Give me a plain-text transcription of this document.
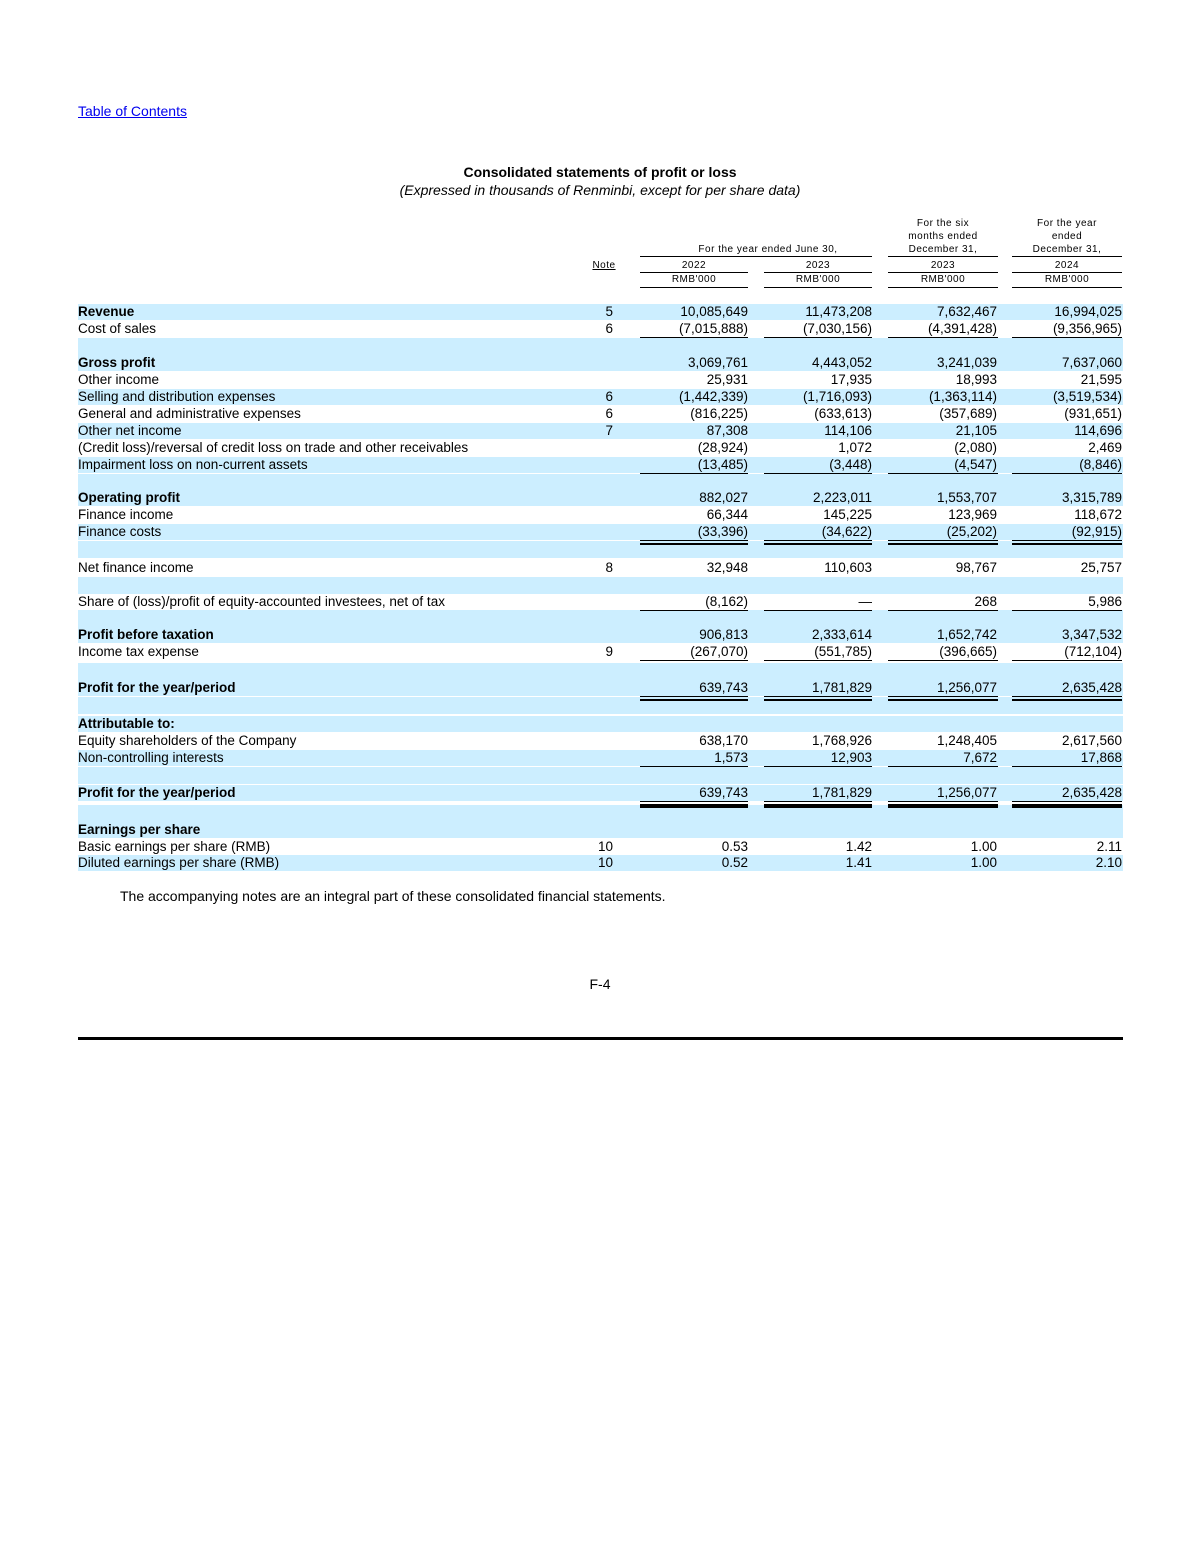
Table of Contents
Consolidated statements of profit or loss
(Expressed in thousands of Renminbi, except for per share data)
For the year ended June 30,
For the six
months ended
December 31,
For the year
ended
December 31,
Note	2022	2023	2023	2024
RMB'000	RMB'000	RMB'000	RMB'000
Revenue	5	10,085,649	11,473,208	7,632,467	16,994,025
Cost of sales	6	(7,015,888)	(7,030,156)	(4,391,428)	(9,356,965)
Gross profit	3,069,761	4,443,052	3,241,039	7,637,060
Other income	25,931	17,935	18,993	21,595
Selling and distribution expenses	6	(1,442,339)	(1,716,093)	(1,363,114)	(3,519,534)
General and administrative expenses	6	(816,225)	(633,613)	(357,689)	(931,651)
Other net income	7	87,308	114,106	21,105	114,696
(Credit loss)/reversal of credit loss on trade and other receivables	(28,924)	1,072	(2,080)	2,469
Impairment loss on non-current assets	(13,485)	(3,448)	(4,547)	(8,846)
Operating profit	882,027	2,223,011	1,553,707	3,315,789
Finance income	66,344	145,225	123,969	118,672
Finance costs	(33,396)	(34,622)	(25,202)	(92,915)
Net finance income	8	32,948	110,603	98,767	25,757
Share of (loss)/profit of equity-accounted investees, net of tax	(8,162)	—	268	5,986
Profit before taxation	906,813	2,333,614	1,652,742	3,347,532
Income tax expense	9	(267,070)	(551,785)	(396,665)	(712,104)
Profit for the year/period	639,743	1,781,829	1,256,077	2,635,428
Attributable to:
Equity shareholders of the Company	638,170	1,768,926	1,248,405	2,617,560
Non-controlling interests	1,573	12,903	7,672	17,868
Profit for the year/period	639,743	1,781,829	1,256,077	2,635,428
Earnings per share
Basic earnings per share (RMB)	10	0.53	1.42	1.00	2.11
Diluted earnings per share (RMB)	10	0.52	1.41	1.00	2.10
The accompanying notes are an integral part of these consolidated financial statements.
F-4
